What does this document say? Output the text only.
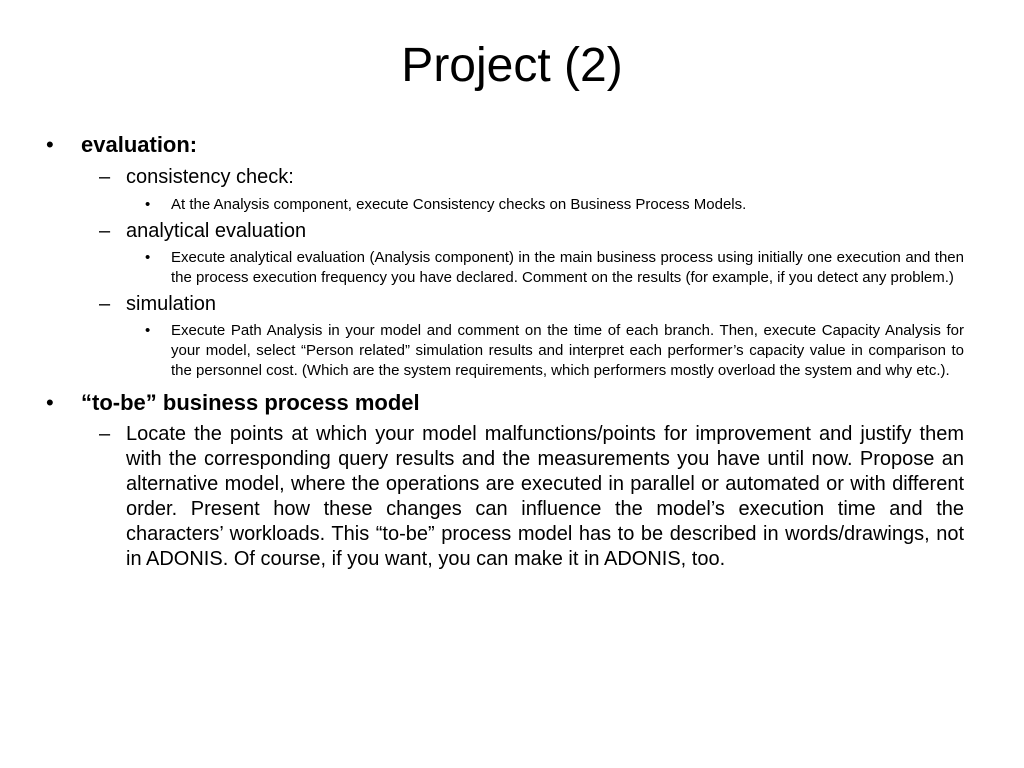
Project (2)
• evaluation:
– consistency check:
• At the Analysis component, execute Consistency checks on Business Process Models.
– analytical evaluation
• Execute analytical evaluation (Analysis component) in the main business process using initially one execution and then the process execution frequency you have declared. Comment on the results (for example, if you detect any problem.)
– simulation
• Execute Path Analysis in your model and comment on the time of each branch. Then, execute Capacity Analysis for your model, select “Person related” simulation results and interpret each performer’s capacity value in comparison to the personnel cost. (Which are the system requirements, which performers mostly overload the system and why etc.).
• “to-be” business process model
– Locate the points at which your model malfunctions/points for improvement and justify them with the corresponding query results and the measurements you have until now. Propose an alternative model, where the operations are executed in parallel or automated or with different order. Present how these changes can influence the model’s execution time and the characters’ workloads. This “to-be” process model has to be described in words/drawings, not in ADONIS. Of course, if you want, you can make it in ADONIS, too.
